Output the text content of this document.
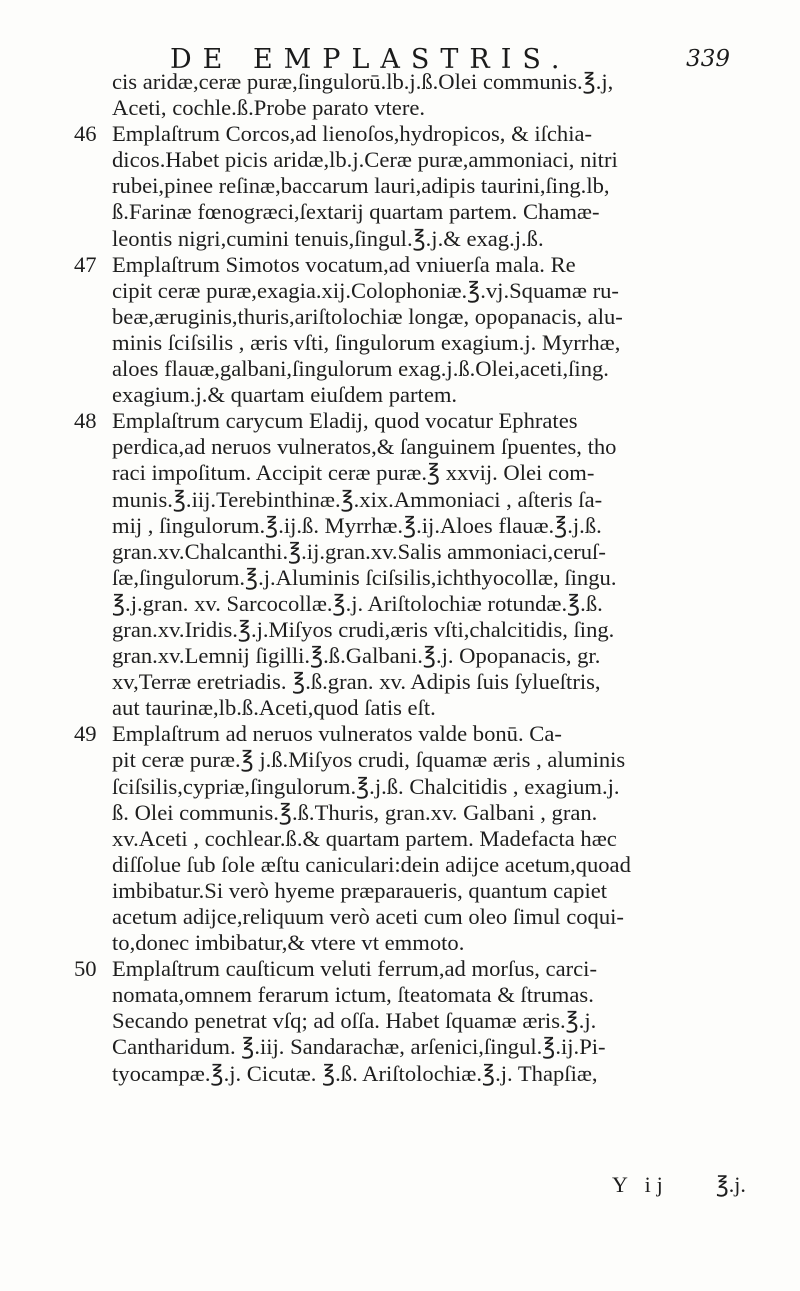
DE EMPLASTRIS.	339
cis aridæ,ceræ puræ,ſingulorū.lb.j.ß.Olei communis.℥.j,
Aceti, cochle.ß.Probe parato vtere.
46 Emplaſtrum Corcos,ad lienoſos,hydropicos, & iſchia-
dicos.Habet picis aridæ,lb.j.Ceræ puræ,ammoniaci, nitri
rubei,pinee reſinæ,baccarum lauri,adipis taurini,ſing.lb,
ß.Farinæ fœnogræci,ſextarij quartam partem. Chamæ-
leontis nigri,cumini tenuis,ſingul.℥.j.& exag.j.ß.
47 Emplaſtrum Simotos vocatum,ad vniuerſa mala. Re
cipit ceræ puræ,exagia.xij.Colophoniæ.℥.vj.Squamæ ru-
beæ,æruginis,thuris,ariſtolochiæ longæ, opopanacis, alu-
minis ſciſsilis , æris vſti, ſingulorum exagium.j. Myrrhæ,
aloes flauæ,galbani,ſingulorum exag.j.ß.Olei,aceti,ſing.
exagium.j.& quartam eiuſdem partem.
48 Emplaſtrum carycum Eladij, quod vocatur Ephrates
perdica,ad neruos vulneratos,& ſanguinem ſpuentes, tho
raci impoſitum. Accipit ceræ puræ.℥ xxvij. Olei com-
munis.℥.iij.Terebinthinæ.℥.xix.Ammoniaci , aſteris ſa-
mij , ſingulorum.℥.ij.ß. Myrrhæ.℥.ij.Aloes flauæ.℥.j.ß.
gran.xv.Chalcanthi.℥.ij.gran.xv.Salis ammoniaci,ceruſ-
ſæ,ſingulorum.℥.j.Aluminis ſciſsilis,ichthyocollæ, ſingu.
℥.j.gran. xv. Sarcocollæ.℥.j. Ariſtolochiæ rotundæ.℥.ß.
gran.xv.Iridis.℥.j.Miſyos crudi,æris vſti,chalcitidis, ſing.
gran.xv.Lemnij ſigilli.℥.ß.Galbani.℥.j. Opopanacis, gr.
xv,Terræ eretriadis. ℥.ß.gran. xv. Adipis ſuis ſylueſtris,
aut taurinæ,lb.ß.Aceti,quod ſatis eſt.
49 Emplaſtrum ad neruos vulneratos valde bonū. Ca-
pit ceræ puræ.℥ j.ß.Miſyos crudi, ſquamæ æris , aluminis
ſciſsilis,cypriæ,ſingulorum.℥.j.ß. Chalcitidis , exagium.j.
ß. Olei communis.℥.ß.Thuris, gran.xv. Galbani , gran.
xv.Aceti , cochlear.ß.& quartam partem. Madefacta hæc
diſſolue ſub ſole æſtu caniculari:dein adijce acetum,quoad
imbibatur.Si verò hyeme præparaueris, quantum capiet
acetum adijce,reliquum verò aceti cum oleo ſimul coqui-
to,donec imbibatur,& vtere vt emmoto.
50 Emplaſtrum cauſticum veluti ferrum,ad morſus, carci-
nomata,omnem ferarum ictum, ſteatomata & ſtrumas.
Secando penetrat vſq; ad oſſa. Habet ſquamæ æris.℥.j.
Cantharidum. ℥.iij. Sandarachæ, arſenici,ſingul.℥.ij.Pi-
tyocampæ.℥.j. Cicutæ. ℥.ß. Ariſtolochiæ.℥.j. Thapſiæ,
Y ij ℥.j.
